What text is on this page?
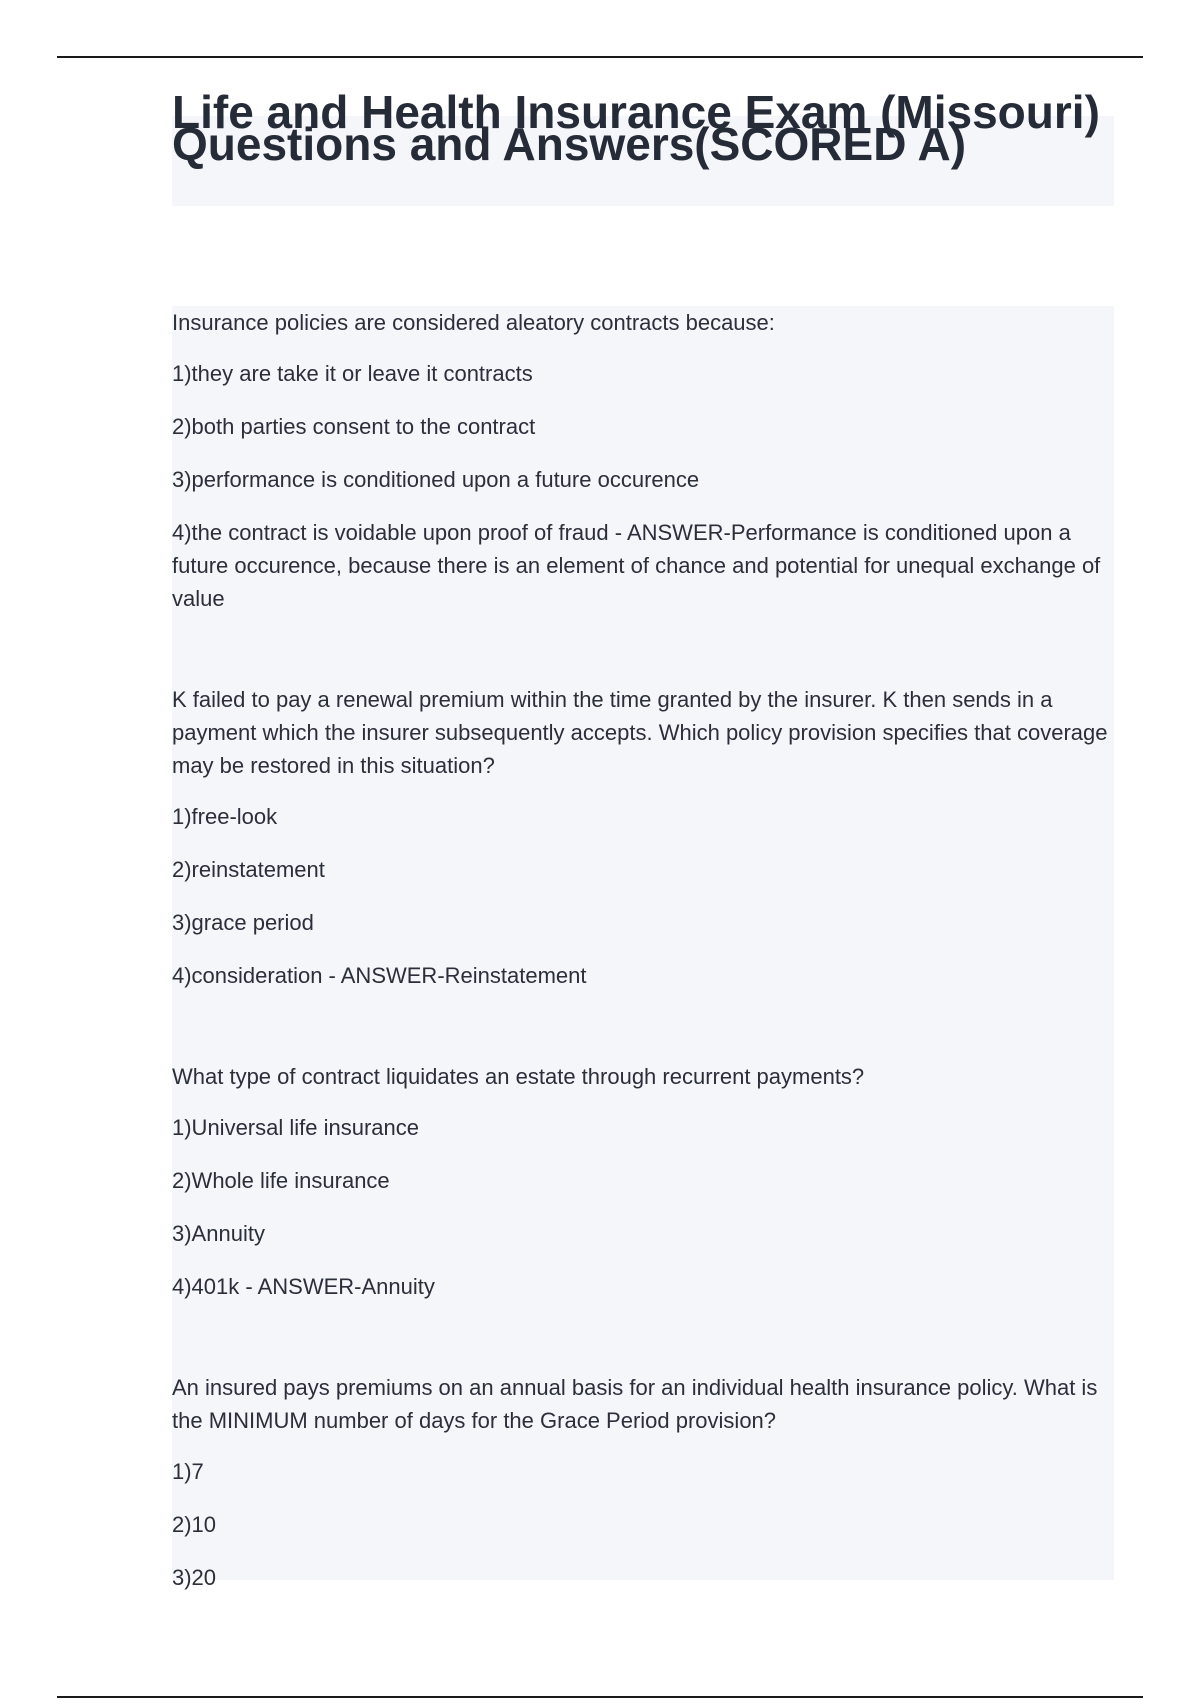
Life and Health Insurance Exam (Missouri) Questions and Answers(SCORED A)

Insurance policies are considered aleatory contracts because:

1)they are take it or leave it contracts

2)both parties consent to the contract

3)performance is conditioned upon a future occurence

4)the contract is voidable upon proof of fraud - ANSWER-Performance is conditioned upon a future occurence, because there is an element of chance and potential for unequal exchange of value

K failed to pay a renewal premium within the time granted by the insurer. K then sends in a payment which the insurer subsequently accepts. Which policy provision specifies that coverage may be restored in this situation?

1)free-look

2)reinstatement

3)grace period

4)consideration - ANSWER-Reinstatement

What type of contract liquidates an estate through recurrent payments?

1)Universal life insurance

2)Whole life insurance

3)Annuity

4)401k - ANSWER-Annuity

An insured pays premiums on an annual basis for an individual health insurance policy. What is the MINIMUM number of days for the Grace Period provision?

1)7

2)10

3)20
